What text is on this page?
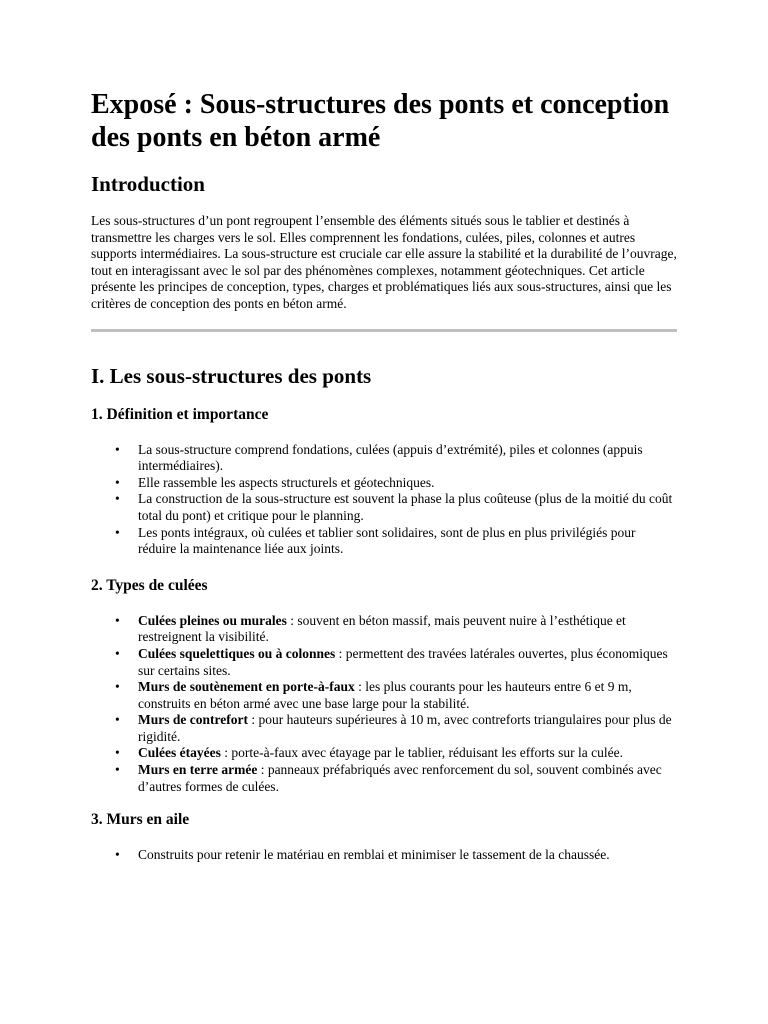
Exposé : Sous-structures des ponts et conception des ponts en béton armé
Introduction

Les sous-structures d’un pont regroupent l’ensemble des éléments situés sous le tablier et destinés à transmettre les charges vers le sol. Elles comprennent les fondations, culées, piles, colonnes et autres supports intermédiaires. La sous-structure est cruciale car elle assure la stabilité et la durabilité de l’ouvrage, tout en interagissant avec le sol par des phénomènes complexes, notamment géotechniques. Cet article présente les principes de conception, types, charges et problématiques liés aux sous-structures, ainsi que les critères de conception des ponts en béton armé.

I. Les sous-structures des ponts
1. Définition et importance
• La sous-structure comprend fondations, culées (appuis d’extrémité), piles et colonnes (appuis intermédiaires).
• Elle rassemble les aspects structurels et géotechniques.
• La construction de la sous-structure est souvent la phase la plus coûteuse (plus de la moitié du coût total du pont) et critique pour le planning.
• Les ponts intégraux, où culées et tablier sont solidaires, sont de plus en plus privilégiés pour réduire la maintenance liée aux joints.
2. Types de culées
• Culées pleines ou murales : souvent en béton massif, mais peuvent nuire à l’esthétique et restreignent la visibilité.
• Culées squelettiques ou à colonnes : permettent des travées latérales ouvertes, plus économiques sur certains sites.
• Murs de soutènement en porte-à-faux : les plus courants pour les hauteurs entre 6 et 9 m, construits en béton armé avec une base large pour la stabilité.
• Murs de contrefort : pour hauteurs supérieures à 10 m, avec contreforts triangulaires pour plus de rigidité.
• Culées étayées : porte-à-faux avec étayage par le tablier, réduisant les efforts sur la culée.
• Murs en terre armée : panneaux préfabriqués avec renforcement du sol, souvent combinés avec d’autres formes de culées.
3. Murs en aile
• Construits pour retenir le matériau en remblai et minimiser le tassement de la chaussée.
